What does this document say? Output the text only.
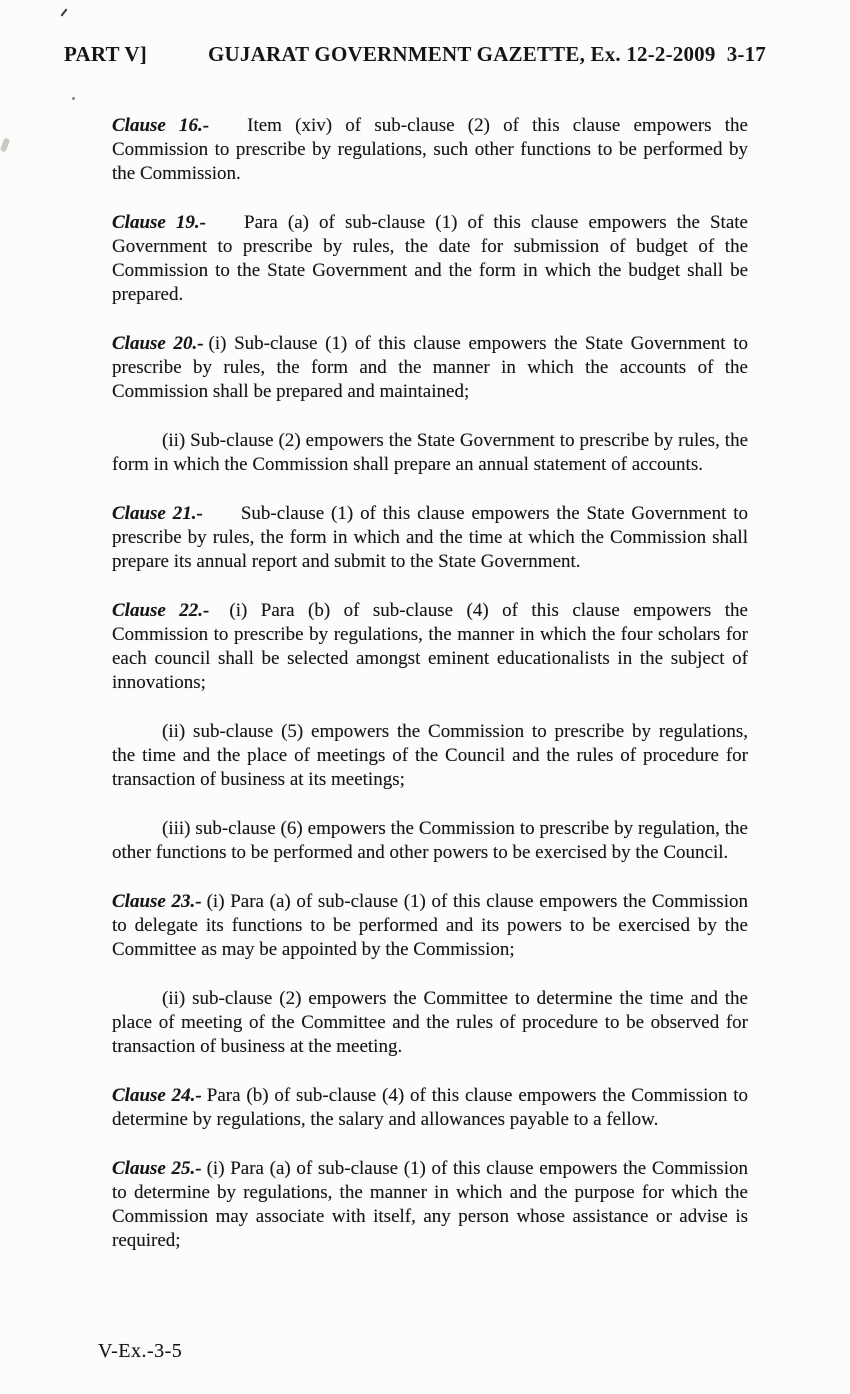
PART V]	GUJARAT GOVERNMENT GAZETTE, Ex. 12-2-2009 3-17

Clause 16.- Item (xiv) of sub-clause (2) of this clause empowers the Commission to prescribe by regulations, such other functions to be performed by the Commission.

Clause 19.- Para (a) of sub-clause (1) of this clause empowers the State Government to prescribe by rules, the date for submission of budget of the Commission to the State Government and the form in which the budget shall be prepared.

Clause 20.- (i) Sub-clause (1) of this clause empowers the State Government to prescribe by rules, the form and the manner in which the accounts of the Commission shall be prepared and maintained;

(ii) Sub-clause (2) empowers the State Government to prescribe by rules, the form in which the Commission shall prepare an annual statement of accounts.

Clause 21.- Sub-clause (1) of this clause empowers the State Government to prescribe by rules, the form in which and the time at which the Commission shall prepare its annual report and submit to the State Government.

Clause 22.- (i) Para (b) of sub-clause (4) of this clause empowers the Commission to prescribe by regulations, the manner in which the four scholars for each council shall be selected amongst eminent educationalists in the subject of innovations;

(ii) sub-clause (5) empowers the Commission to prescribe by regulations, the time and the place of meetings of the Council and the rules of procedure for transaction of business at its meetings;

(iii) sub-clause (6) empowers the Commission to prescribe by regulation, the other functions to be performed and other powers to be exercised by the Council.

Clause 23.- (i) Para (a) of sub-clause (1) of this clause empowers the Commission to delegate its functions to be performed and its powers to be exercised by the Committee as may be appointed by the Commission;

(ii) sub-clause (2) empowers the Committee to determine the time and the place of meeting of the Committee and the rules of procedure to be observed for transaction of business at the meeting.

Clause 24.- Para (b) of sub-clause (4) of this clause empowers the Commission to determine by regulations, the salary and allowances payable to a fellow.

Clause 25.- (i) Para (a) of sub-clause (1) of this clause empowers the Commission to determine by regulations, the manner in which and the purpose for which the Commission may associate with itself, any person whose assistance or advise is required;

V-Ex.-3-5
